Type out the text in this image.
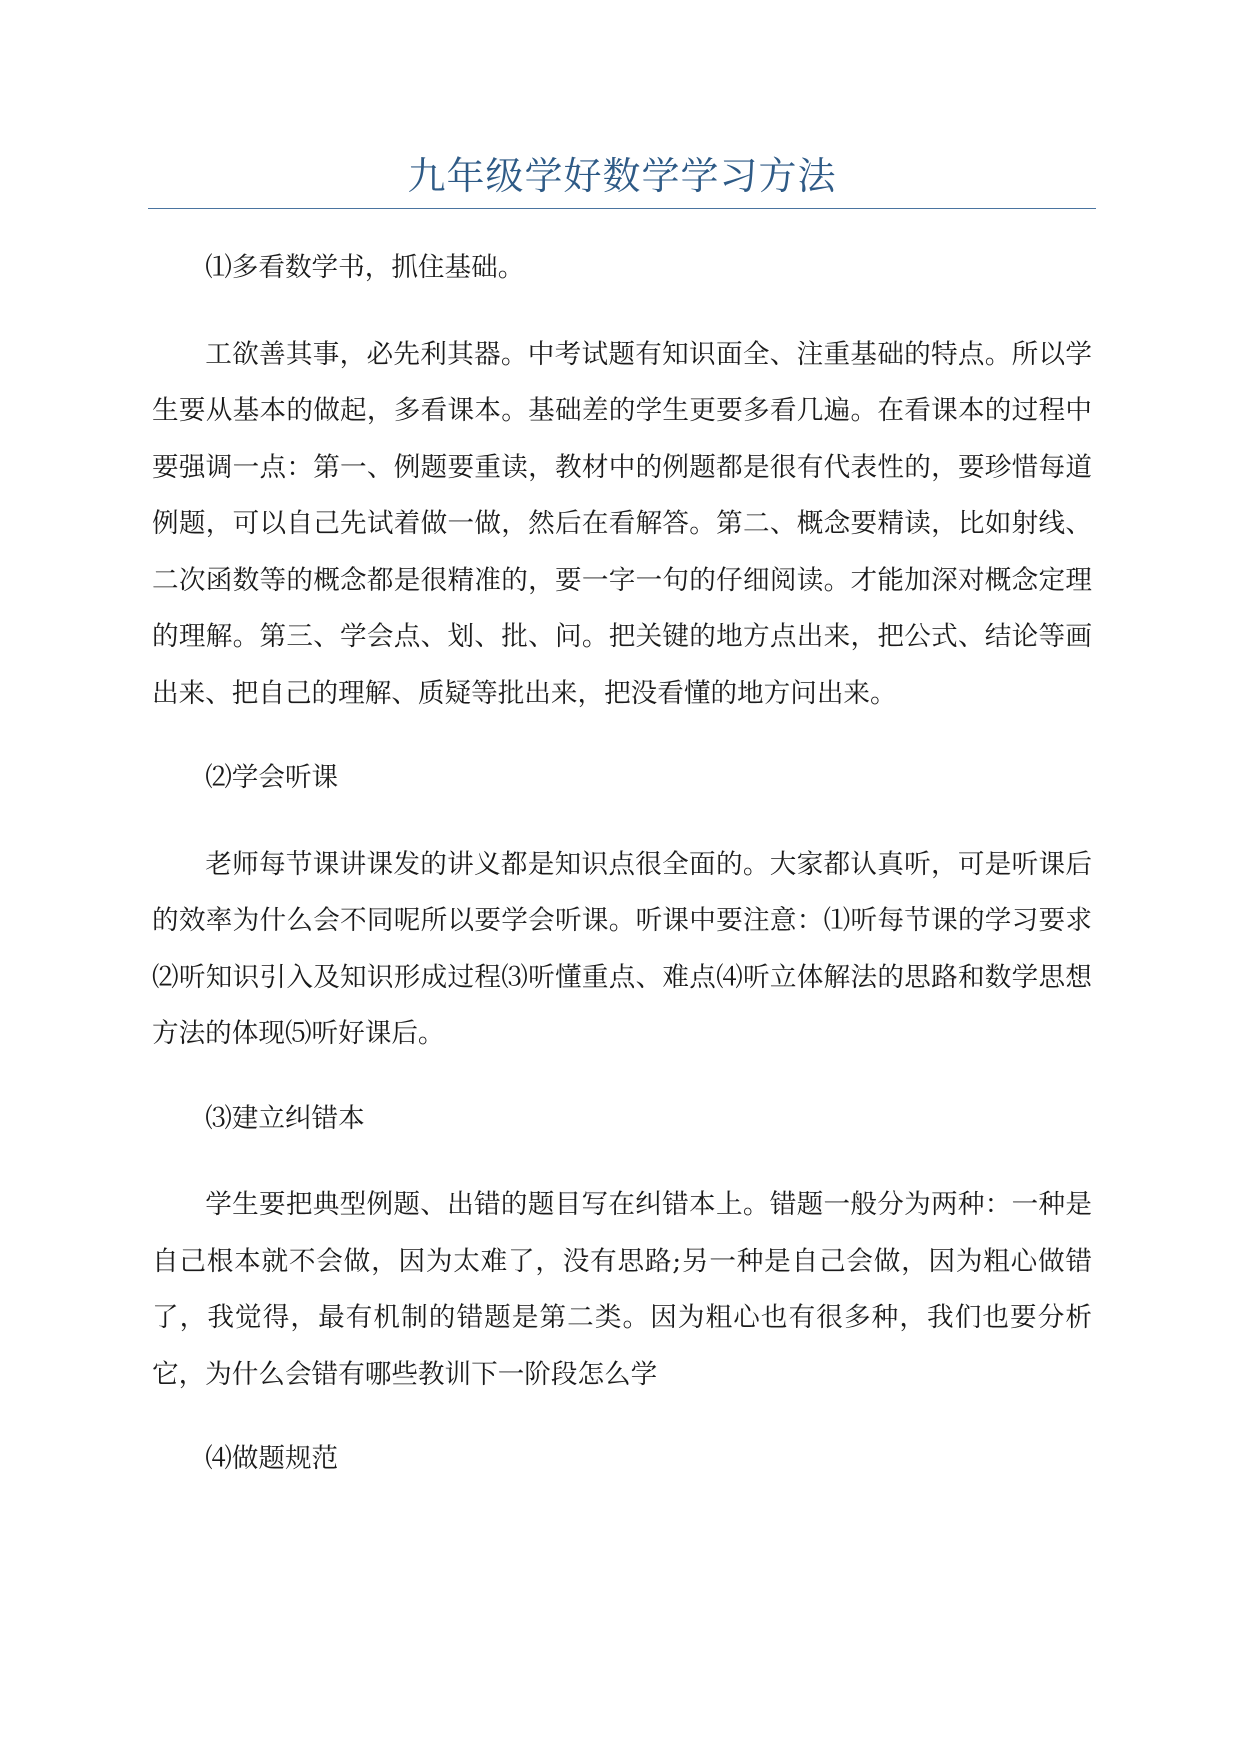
九年级学好数学学习方法

⑴多看数学书，抓住基础。

工欲善其事，必先利其器。中考试题有知识面全、注重基础的特点。所以学生要从基本的做起，多看课本。基础差的学生更要多看几遍。在看课本的过程中要强调一点：第一、例题要重读，教材中的例题都是很有代表性的，要珍惜每道例题，可以自己先试着做一做，然后在看解答。第二、概念要精读，比如射线、二次函数等的概念都是很精准的，要一字一句的仔细阅读。才能加深对概念定理的理解。第三、学会点、划、批、问。把关键的地方点出来，把公式、结论等画出来、把自己的理解、质疑等批出来，把没看懂的地方问出来。

⑵学会听课

老师每节课讲课发的讲义都是知识点很全面的。大家都认真听，可是听课后的效率为什么会不同呢所以要学会听课。听课中要注意：⑴听每节课的学习要求⑵听知识引入及知识形成过程⑶听懂重点、难点⑷听立体解法的思路和数学思想方法的体现⑸听好课后。

⑶建立纠错本

学生要把典型例题、出错的题目写在纠错本上。错题一般分为两种：一种是自己根本就不会做，因为太难了，没有思路;另一种是自己会做，因为粗心做错了，我觉得，最有机制的错题是第二类。因为粗心也有很多种，我们也要分析它，为什么会错有哪些教训下一阶段怎么学

⑷做题规范
